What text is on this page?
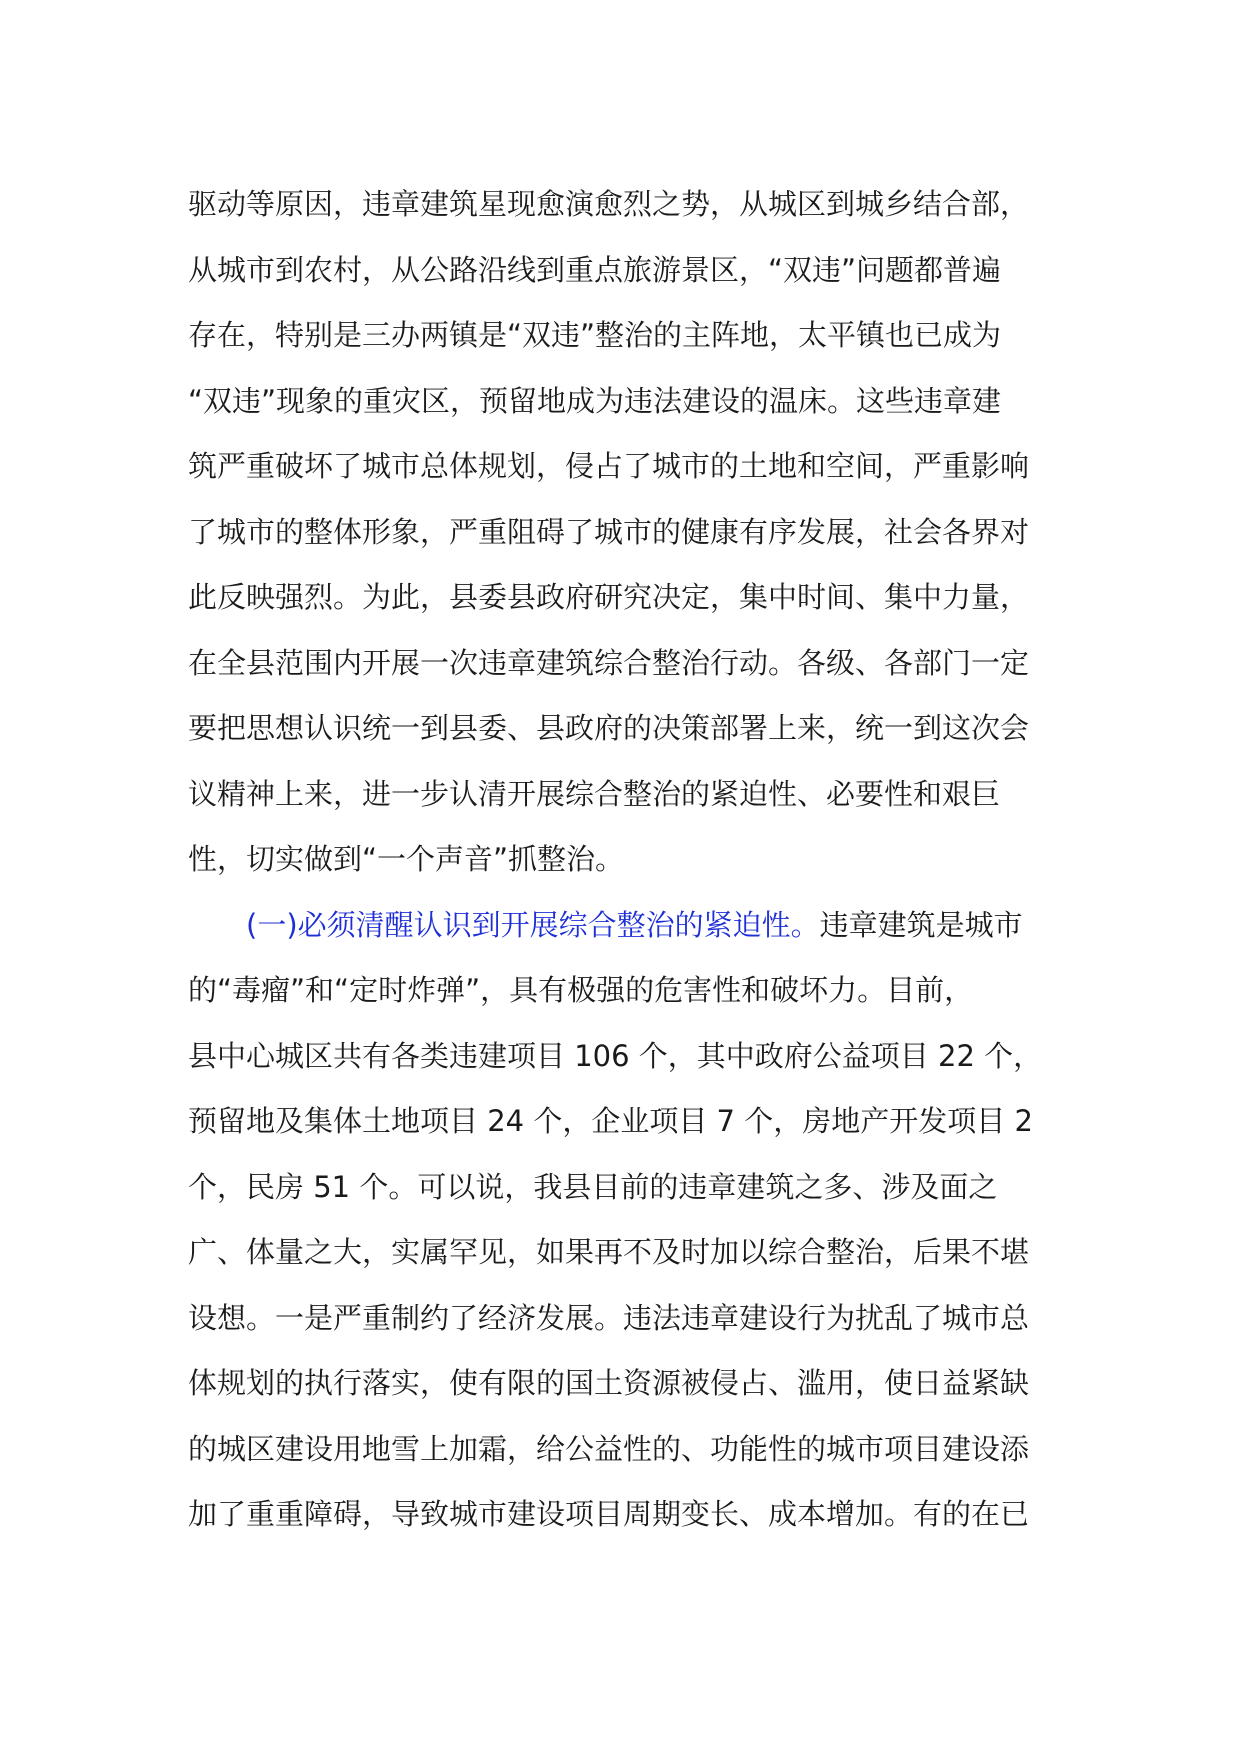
驱动等原因，违章建筑星现愈演愈烈之势，从城区到城乡结合部，
从城市到农村，从公路沿线到重点旅游景区，“双违”问题都普遍
存在，特别是三办两镇是“双违”整治的主阵地，太平镇也已成为
“双违”现象的重灾区，预留地成为违法建设的温床。这些违章建
筑严重破坏了城市总体规划，侵占了城市的土地和空间，严重影响
了城市的整体形象，严重阻碍了城市的健康有序发展，社会各界对
此反映强烈。为此，县委县政府研究决定，集中时间、集中力量，
在全县范围内开展一次违章建筑综合整治行动。各级、各部门一定
要把思想认识统一到县委、县政府的决策部署上来，统一到这次会
议精神上来，进一步认清开展综合整治的紧迫性、必要性和艰巨
性，切实做到“一个声音”抓整治。
(一)必须清醒认识到开展综合整治的紧迫性。违章建筑是城市
的“毒瘤”和“定时炸弹”，具有极强的危害性和破坏力。目前，
县中心城区共有各类违建项目 106 个，其中政府公益项目 22 个，
预留地及集体土地项目 24 个，企业项目 7 个，房地产开发项目 2
个，民房 51 个。可以说，我县目前的违章建筑之多、涉及面之
广、体量之大，实属罕见，如果再不及时加以综合整治，后果不堪
设想。一是严重制约了经济发展。违法违章建设行为扰乱了城市总
体规划的执行落实，使有限的国土资源被侵占、滥用，使日益紧缺
的城区建设用地雪上加霜，给公益性的、功能性的城市项目建设添
加了重重障碍，导致城市建设项目周期变长、成本增加。有的在已
